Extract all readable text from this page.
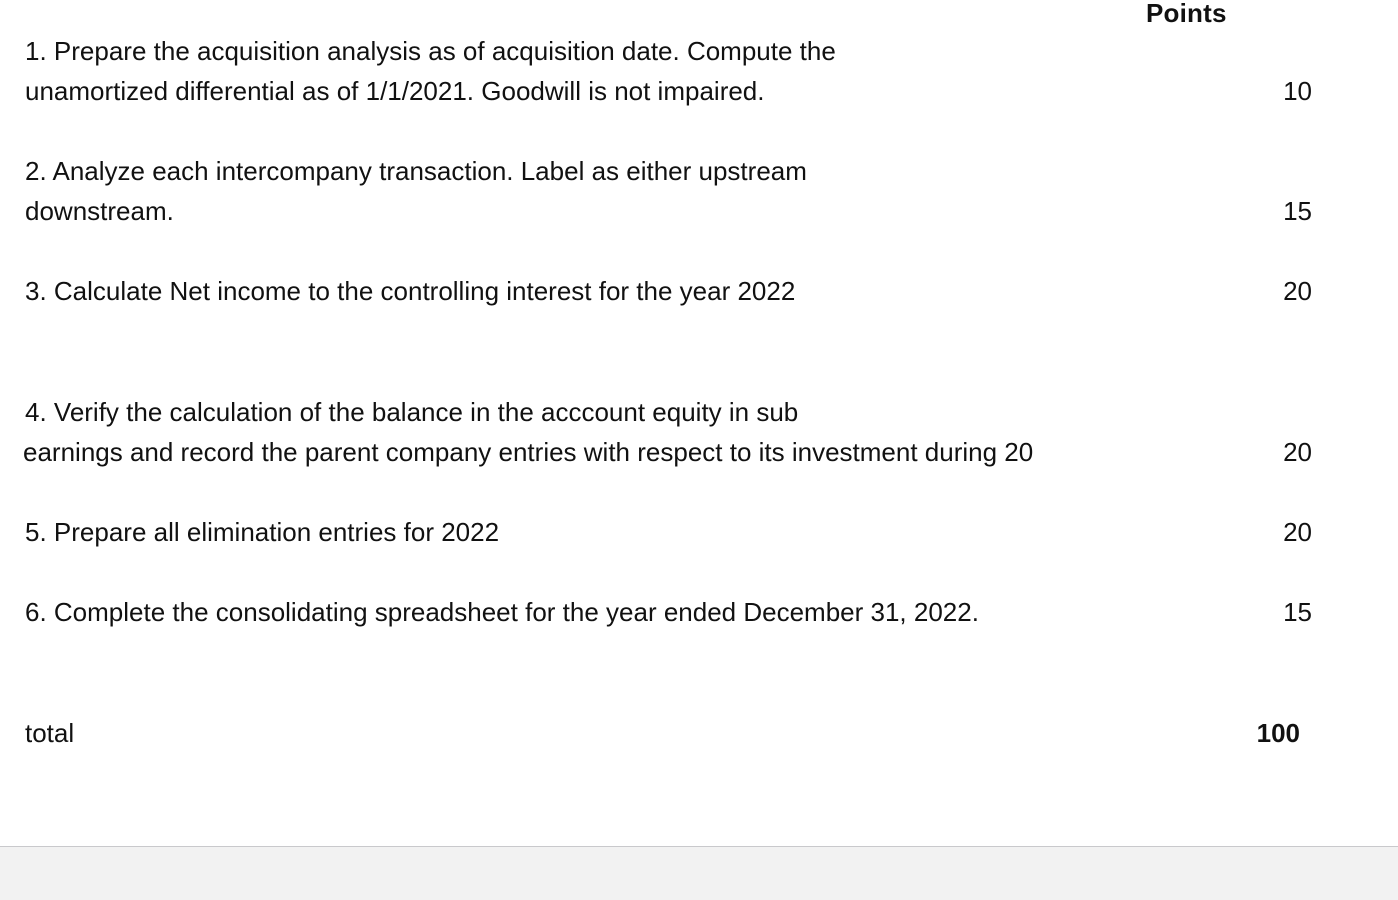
Points
1. Prepare the acquisition analysis as of acquisition date. Compute the
unamortized differential as of 1/1/2021. Goodwill is not impaired.	10
2. Analyze each intercompany transaction. Label as either upstream
downstream.	15
3. Calculate Net income to the controlling interest for the year 2022	20
4. Verify the calculation of the balance in the acccount equity in sub
earnings and record the parent company entries with respect to its investment during 20	20
5. Prepare all elimination entries for 2022	20
6. Complete the consolidating spreadsheet for the year ended December 31, 2022.	15
total	100
